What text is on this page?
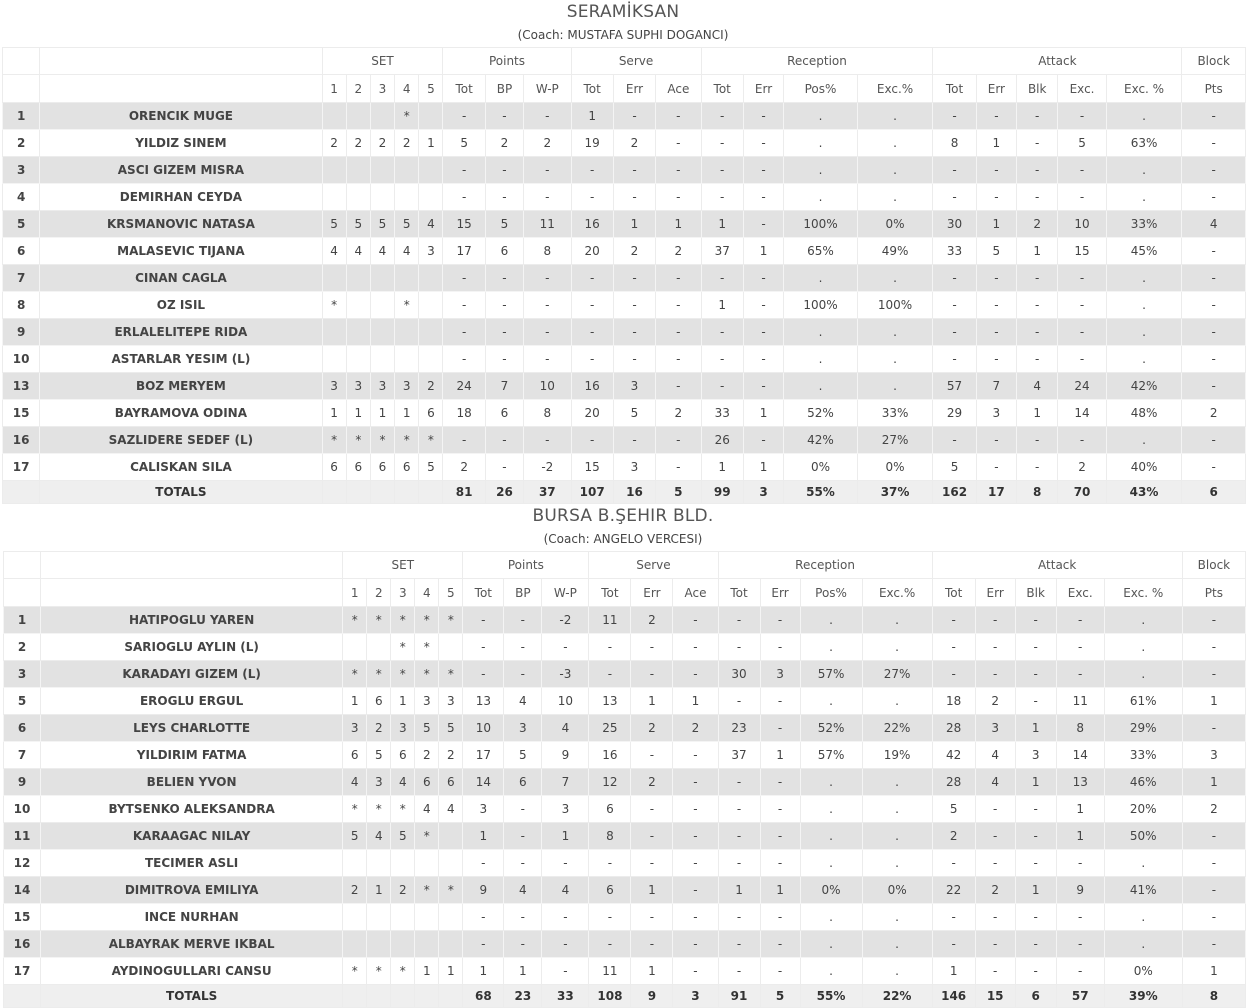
SERAMİKSAN
(Coach: MUSTAFA SUPHI DOGANCI)
		SET					Points			Serve			Reception				Attack					Block
		1	2	3	4	5	Tot	BP	W-P	Tot	Err	Ace	Tot	Err	Pos%	Exc.%	Tot	Err	Blk	Exc.	Exc. %	Pts
1	ORENCIK MUGE				*		-	-	-	1	-	-	-	-	.	.	-	-	-	-	.	-
2	YILDIZ SINEM	2	2	2	2	1	5	2	2	19	2	-	-	-	.	.	8	1	-	5	63%	-
3	ASCI GIZEM MISRA						-	-	-	-	-	-	-	-	.	.	-	-	-	-	.	-
4	DEMIRHAN CEYDA						-	-	-	-	-	-	-	-	.	.	-	-	-	-	.	-
5	KRSMANOVIC NATASA	5	5	5	5	4	15	5	11	16	1	1	1	-	100%	0%	30	1	2	10	33%	4
6	MALASEVIC TIJANA	4	4	4	4	3	17	6	8	20	2	2	37	1	65%	49%	33	5	1	15	45%	-
7	CINAN CAGLA						-	-	-	-	-	-	-	-	.	.	-	-	-	-	.	-
8	OZ ISIL	*			*		-	-	-	-	-	-	1	-	100%	100%	-	-	-	-	.	-
9	ERLALELITEPE RIDA						-	-	-	-	-	-	-	-	.	.	-	-	-	-	.	-
10	ASTARLAR YESIM (L)						-	-	-	-	-	-	-	-	.	.	-	-	-	-	.	-
13	BOZ MERYEM	3	3	3	3	2	24	7	10	16	3	-	-	-	.	.	57	7	4	24	42%	-
15	BAYRAMOVA ODINA	1	1	1	1	6	18	6	8	20	5	2	33	1	52%	33%	29	3	1	14	48%	2
16	SAZLIDERE SEDEF (L)	*	*	*	*	*	-	-	-	-	-	-	26	-	42%	27%	-	-	-	-	.	-
17	CALISKAN SILA	6	6	6	6	5	2	-	-2	15	3	-	1	1	0%	0%	5	-	-	2	40%	-
	TOTALS						81	26	37	107	16	5	99	3	55%	37%	162	17	8	70	43%	6
BURSA B.ŞEHIR BLD.
(Coach: ANGELO VERCESI)
		SET					Points			Serve			Reception				Attack					Block
		1	2	3	4	5	Tot	BP	W-P	Tot	Err	Ace	Tot	Err	Pos%	Exc.%	Tot	Err	Blk	Exc.	Exc. %	Pts
1	HATIPOGLU YAREN	*	*	*	*	*	-	-	-2	11	2	-	-	-	.	.	-	-	-	-	.	-
2	SARIOGLU AYLIN (L)			*	*		-	-	-	-	-	-	-	-	.	.	-	-	-	-	.	-
3	KARADAYI GIZEM (L)	*	*	*	*	*	-	-	-3	-	-	-	30	3	57%	27%	-	-	-	-	.	-
5	EROGLU ERGUL	1	6	1	3	3	13	4	10	13	1	1	-	-	.	.	18	2	-	11	61%	1
6	LEYS CHARLOTTE	3	2	3	5	5	10	3	4	25	2	2	23	-	52%	22%	28	3	1	8	29%	-
7	YILDIRIM FATMA	6	5	6	2	2	17	5	9	16	-	-	37	1	57%	19%	42	4	3	14	33%	3
9	BELIEN YVON	4	3	4	6	6	14	6	7	12	2	-	-	-	.	.	28	4	1	13	46%	1
10	BYTSENKO ALEKSANDRA	*	*	*	4	4	3	-	3	6	-	-	-	-	.	.	5	-	-	1	20%	2
11	KARAAGAC NILAY	5	4	5	*		1	-	1	8	-	-	-	-	.	.	2	-	-	1	50%	-
12	TECIMER ASLI						-	-	-	-	-	-	-	-	.	.	-	-	-	-	.	-
14	DIMITROVA EMILIYA	2	1	2	*	*	9	4	4	6	1	-	1	1	0%	0%	22	2	1	9	41%	-
15	INCE NURHAN						-	-	-	-	-	-	-	-	.	.	-	-	-	-	.	-
16	ALBAYRAK MERVE IKBAL						-	-	-	-	-	-	-	-	.	.	-	-	-	-	.	-
17	AYDINOGULLARI CANSU	*	*	*	1	1	1	1	-	11	1	-	-	-	.	.	1	-	-	-	0%	1
	TOTALS						68	23	33	108	9	3	91	5	55%	22%	146	15	6	57	39%	8
